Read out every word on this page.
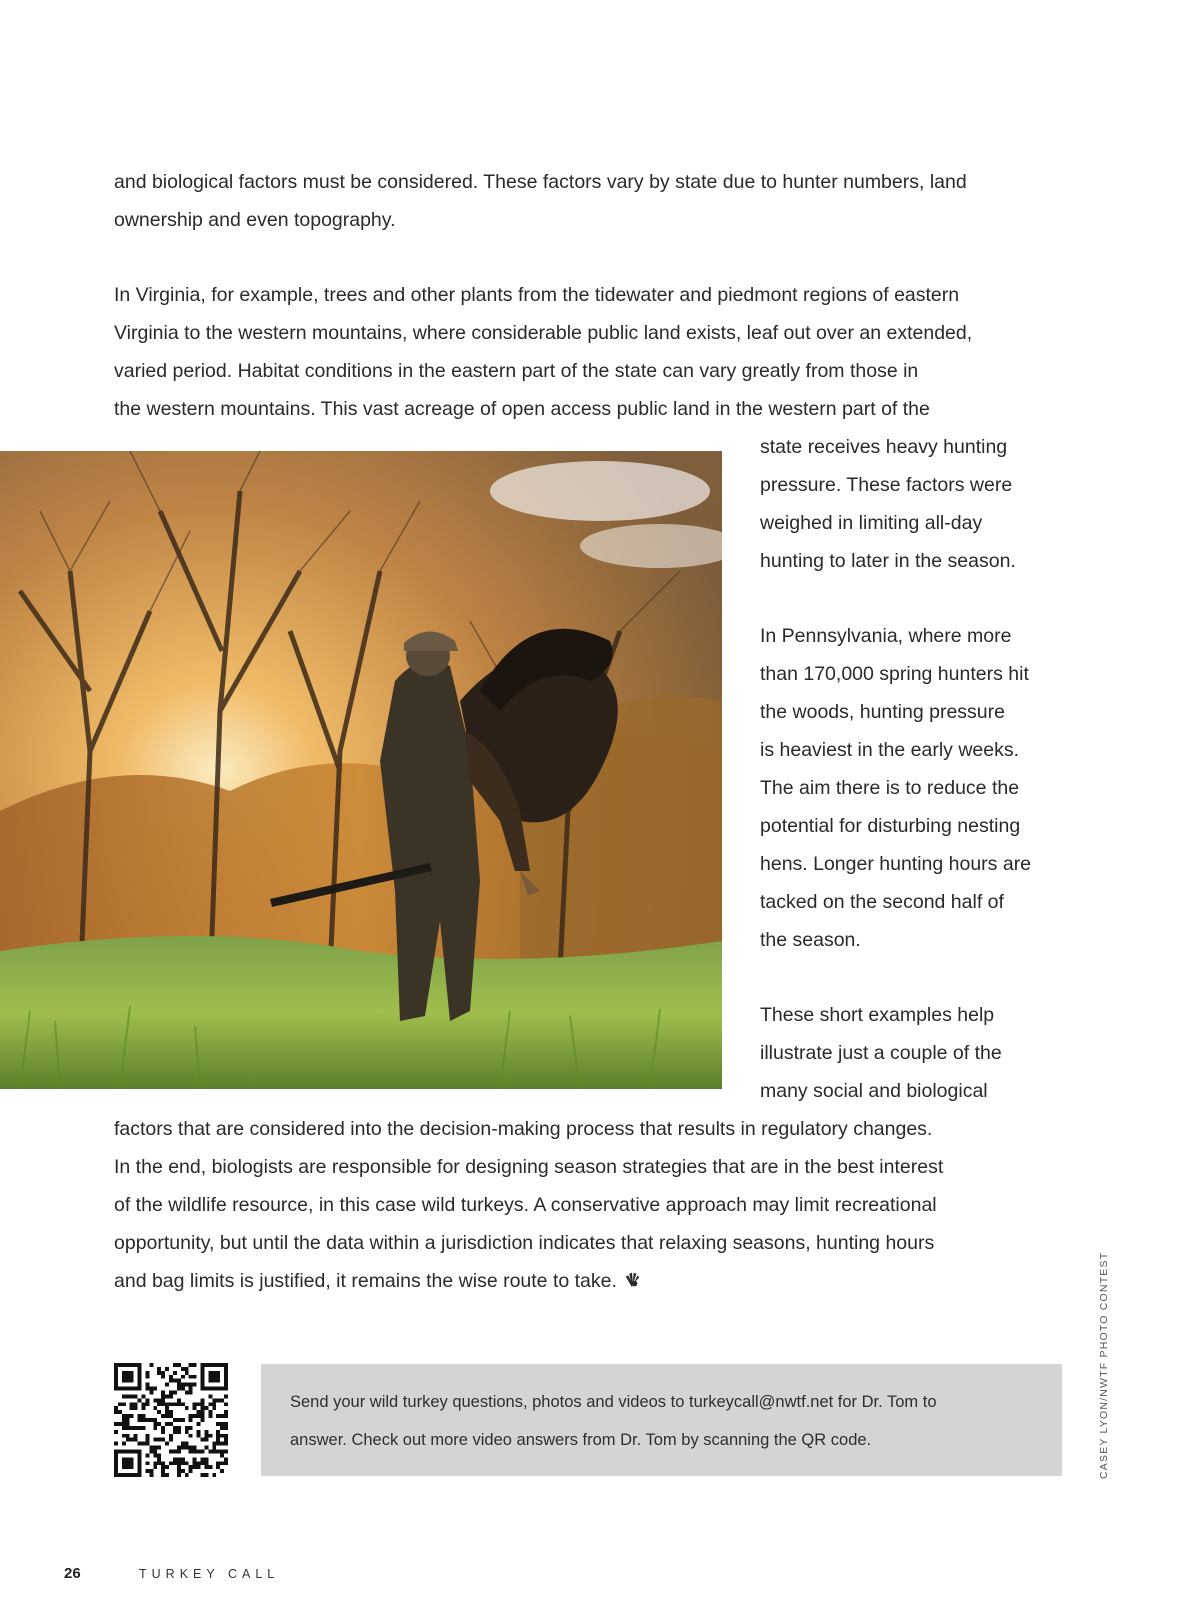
and biological factors must be considered. These factors vary by state due to hunter numbers, land
ownership and even topography.

In Virginia, for example, trees and other plants from the tidewater and piedmont regions of eastern
Virginia to the western mountains, where considerable public land exists, leaf out over an extended,
varied period. Habitat conditions in the eastern part of the state can vary greatly from those in
the western mountains. This vast acreage of open access public land in the western part of the

state receives heavy hunting
pressure. These factors were
weighed in limiting all-day
hunting to later in the season.

In Pennsylvania, where more
than 170,000 spring hunters hit
the woods, hunting pressure
is heaviest in the early weeks.
The aim there is to reduce the
potential for disturbing nesting
hens. Longer hunting hours are
tacked on the second half of
the season.

These short examples help
illustrate just a couple of the
many social and biological

factors that are considered into the decision-making process that results in regulatory changes.
In the end, biologists are responsible for designing season strategies that are in the best interest
of the wildlife resource, in this case wild turkeys. A conservative approach may limit recreational
opportunity, but until the data within a jurisdiction indicates that relaxing seasons, hunting hours
and bag limits is justified, it remains the wise route to take.

Send your wild turkey questions, photos and videos to turkeycall@nwtf.net for Dr. Tom to
answer. Check out more video answers from Dr. Tom by scanning the QR code.	CASEY LYON/NWTF PHOTO CONTEST
26	TURKEY CALL
